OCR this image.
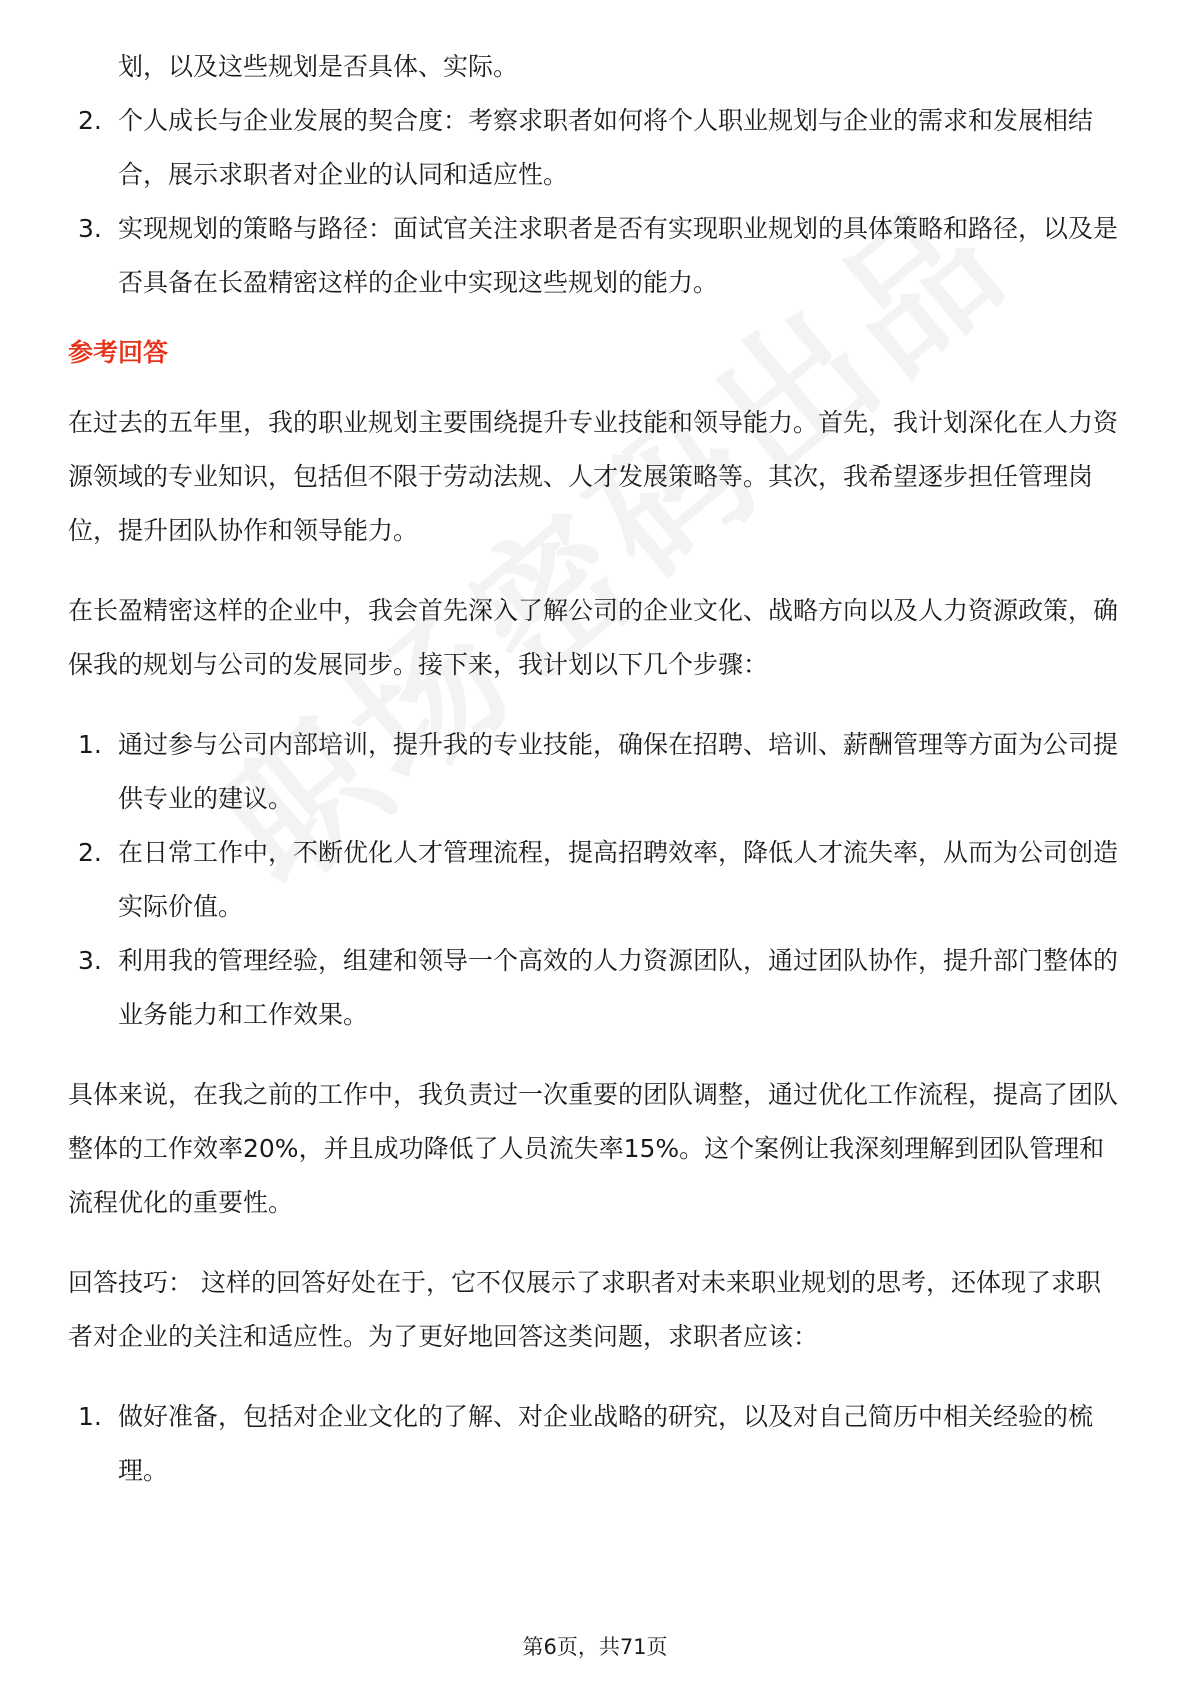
划，以及这些规划是否具体、实际。
2. 个人成长与企业发展的契合度：考察求职者如何将个人职业规划与企业的需求和发展相结合，展示求职者对企业的认同和适应性。
3. 实现规划的策略与路径：面试官关注求职者是否有实现职业规划的具体策略和路径，以及是否具备在长盈精密这样的企业中实现这些规划的能力。
参考回答

在过去的五年里，我的职业规划主要围绕提升专业技能和领导能力。首先，我计划深化在人力资源领域的专业知识，包括但不限于劳动法规、人才发展策略等。其次，我希望逐步担任管理岗位，提升团队协作和领导能力。

在长盈精密这样的企业中，我会首先深入了解公司的企业文化、战略方向以及人力资源政策，确保我的规划与公司的发展同步。接下来，我计划以下几个步骤：

1. 通过参与公司内部培训，提升我的专业技能，确保在招聘、培训、薪酬管理等方面为公司提供专业的建议。
2. 在日常工作中，不断优化人才管理流程，提高招聘效率，降低人才流失率，从而为公司创造实际价值。
3. 利用我的管理经验，组建和领导一个高效的人力资源团队，通过团队协作，提升部门整体的业务能力和工作效果。

具体来说，在我之前的工作中，我负责过一次重要的团队调整，通过优化工作流程，提高了团队整体的工作效率20%，并且成功降低了人员流失率15%。这个案例让我深刻理解到团队管理和流程优化的重要性。

回答技巧： 这样的回答好处在于，它不仅展示了求职者对未来职业规划的思考，还体现了求职者对企业的关注和适应性。为了更好地回答这类问题，求职者应该：

1. 做好准备，包括对企业文化的了解、对企业战略的研究，以及对自己简历中相关经验的梳理。
第6页，共71页
